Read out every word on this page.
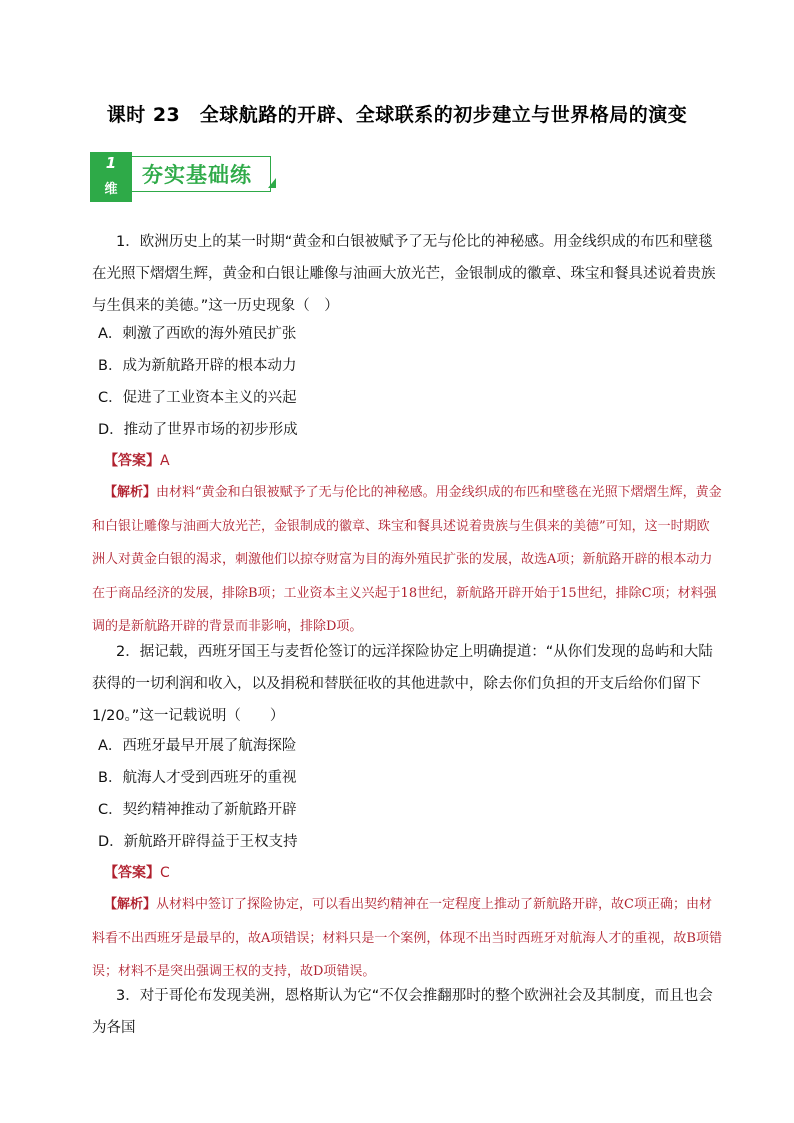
课时 23　全球航路的开辟、全球联系的初步建立与世界格局的演变
1
维
夯实基础练
1．欧洲历史上的某一时期“黄金和白银被赋予了无与伦比的神秘感。用金线织成的布匹和壁毯在光照下熠熠生辉，黄金和白银让雕像与油画大放光芒，金银制成的徽章、珠宝和餐具述说着贵族与生俱来的美德。”这一历史现象（　）
A．刺激了西欧的海外殖民扩张
B．成为新航路开辟的根本动力
C．促进了工业资本主义的兴起
D．推动了世界市场的初步形成
【答案】A
【解析】由材料“黄金和白银被赋予了无与伦比的神秘感。用金线织成的布匹和壁毯在光照下熠熠生辉，黄金和白银让雕像与油画大放光芒，金银制成的徽章、珠宝和餐具述说着贵族与生俱来的美德”可知，这一时期欧洲人对黄金白银的渴求，刺激他们以掠夺财富为目的海外殖民扩张的发展，故选A项；新航路开辟的根本动力在于商品经济的发展，排除B项；工业资本主义兴起于18世纪，新航路开辟开始于15世纪，排除C项；材料强调的是新航路开辟的背景而非影响，排除D项。
2．据记载，西班牙国王与麦哲伦签订的远洋探险协定上明确提道：“从你们发现的岛屿和大陆获得的一切利润和收入，以及捐税和替朕征收的其他进款中，除去你们负担的开支后给你们留下 1/20。”这一记载说明（　　）
A．西班牙最早开展了航海探险
B．航海人才受到西班牙的重视
C．契约精神推动了新航路开辟
D．新航路开辟得益于王权支持
【答案】C
【解析】从材料中签订了探险协定，可以看出契约精神在一定程度上推动了新航路开辟，故C项正确；由材料看不出西班牙是最早的，故A项错误；材料只是一个案例，体现不出当时西班牙对航海人才的重视，故B项错误；材料不是突出强调王权的支持，故D项错误。
3．对于哥伦布发现美洲，恩格斯认为它“不仅会推翻那时的整个欧洲社会及其制度，而且也会为各国
